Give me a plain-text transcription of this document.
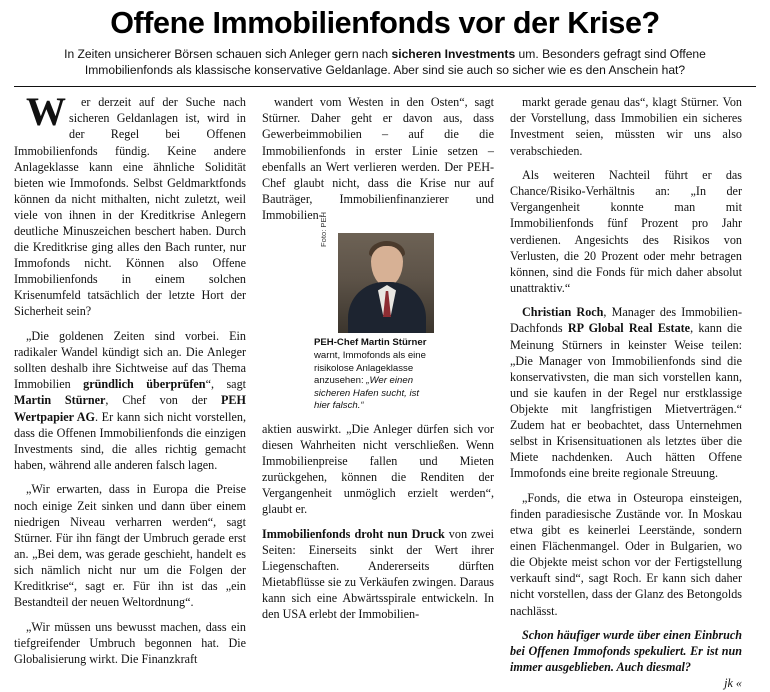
Offene Immobilienfonds vor der Krise?
In Zeiten unsicherer Börsen schauen sich Anleger gern nach sicheren Investments um. Besonders gefragt sind Offene Immobilienfonds als klassische konservative Geldanlage. Aber sind sie auch so sicher wie es den Anschein hat?

W er derzeit auf der Suche nach sicheren Geldanlagen ist, wird in der Regel bei Offenen Immobilienfonds fündig. Keine andere Anlageklasse kann eine ähnliche Solidität bieten wie Immofonds. Selbst Geldmarktfonds können da nicht mithalten, nicht zuletzt, weil viele von ihnen in der Kreditkrise Anlegern deutliche Minuszeichen beschert haben. Durch die Kreditkrise ging alles den Bach runter, nur Immofonds nicht. Können also Offene Immobilienfonds in einem solchen Krisenumfeld tatsächlich der letzte Hort der Sicherheit sein?

„Die goldenen Zeiten sind vorbei. Ein radikaler Wandel kündigt sich an. Die Anleger sollten deshalb ihre Sichtweise auf das Thema Immobilien gründlich überprüfen“, sagt Martin Stürner, Chef von der PEH Wertpapier AG. Er kann sich nicht vorstellen, dass die Offenen Immobilienfonds die einzigen Investments sind, die alles richtig gemacht haben, während alle anderen falsch lagen.

„Wir erwarten, dass in Europa die Preise noch einige Zeit sinken und dann über einem niedrigen Niveau verharren werden“, sagt Stürner. Für ihn fängt der Umbruch gerade erst an. „Bei dem, was gerade geschieht, handelt es sich nämlich nicht nur um die Folgen der Kreditkrise“, sagt er. Für ihn ist das „ein Bestandteil der neuen Weltordnung“.

„Wir müssen uns bewusst machen, dass ein tiefgreifender Umbruch begonnen hat. Die Globalisierung wirkt. Die Finanzkraft

wandert vom Westen in den Osten“, sagt Stürner. Daher geht er davon aus, dass Gewerbeimmobilien – auf die die Immobilienfonds in erster Linie setzen – ebenfalls an Wert verlieren werden. Der PEH-Chef glaubt nicht, dass die Krise nur auf Bauträger, Immobilienfinanzierer und Immobilien-

Foto: PEH
PEH-Chef Martin Stürner
warnt, Immofonds als eine risikolose Anlageklasse anzusehen: „Wer einen sicheren Hafen sucht, ist hier falsch.“

aktien auswirkt. „Die Anleger dürfen sich vor diesen Wahrheiten nicht verschließen. Wenn Immobilienpreise fallen und Mieten zurückgehen, können die Renditen der Vergangenheit unmöglich erzielt werden“, glaubt er.

Immobilienfonds droht nun Druck von zwei Seiten: Einerseits sinkt der Wert ihrer Liegenschaften. Andererseits dürften Mietabflüsse sie zu Verkäufen zwingen. Daraus kann sich eine Abwärtsspirale entwickeln. In den USA erlebt der Immobilien-

markt gerade genau das“, klagt Stürner. Von der Vorstellung, dass Immobilien ein sicheres Investment seien, müssten wir uns also verabschieden.

Als weiteren Nachteil führt er das Chance/Risiko-Verhältnis an: „In der Vergangenheit konnte man mit Immobilienfonds fünf Prozent pro Jahr verdienen. Angesichts des Risikos von Verlusten, die 20 Prozent oder mehr betragen können, sind die Fonds für mich daher absolut unattraktiv.“

Christian Roch, Manager des Immobilien-Dachfonds RP Global Real Estate, kann die Meinung Stürners in keinster Weise teilen: „Die Manager von Immobilienfonds sind die konservativsten, die man sich vorstellen kann, und sie kaufen in der Regel nur erstklassige Objekte mit langfristigen Mietverträgen.“ Zudem hat er beobachtet, dass Unternehmen selbst in Krisensituationen als letztes über die Miete nachdenken. Auch hätten Offene Immofonds eine breite regionale Streuung.

„Fonds, die etwa in Osteuropa einsteigen, finden paradiesische Zustände vor. In Moskau etwa gibt es keinerlei Leerstände, sondern einen Flächenmangel. Oder in Bulgarien, wo die Objekte meist schon vor der Fertigstellung verkauft sind“, sagt Roch. Er kann sich daher nicht vorstellen, dass der Glanz des Betongolds nachlässt.

Schon häufiger wurde über einen Einbruch bei Offenen Immofonds spekuliert. Er ist nun immer ausgeblieben. Auch diesmal?

jk «
